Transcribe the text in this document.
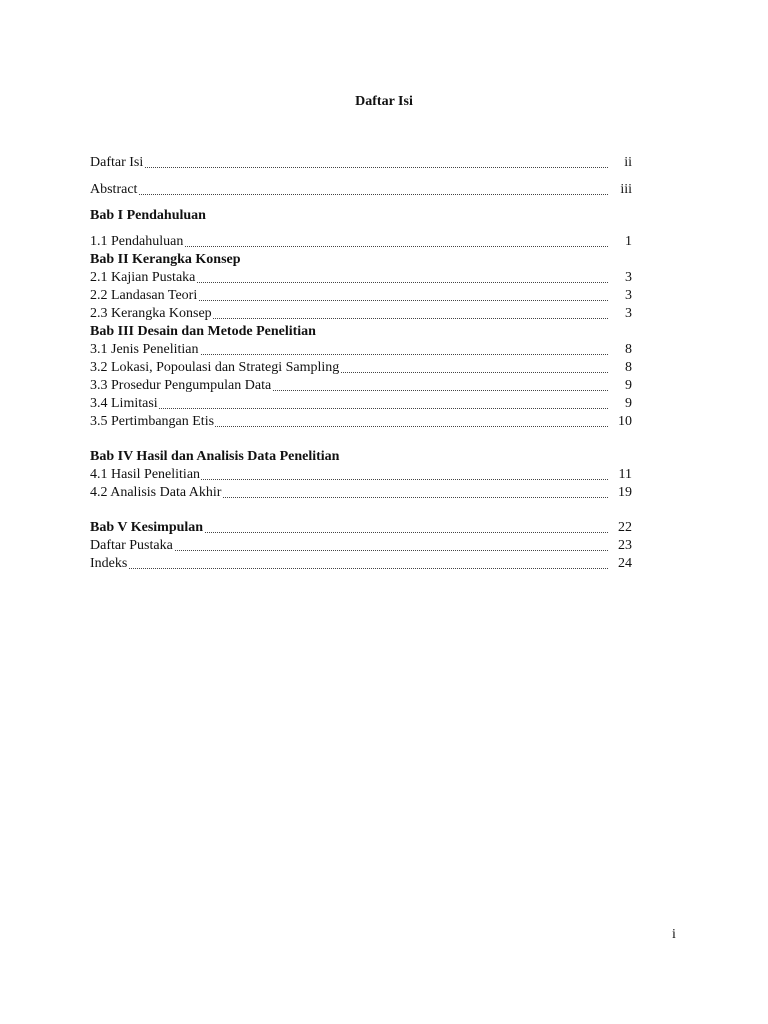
Daftar Isi
Daftar Isi	ii
Abstract	iii
Bab I Pendahuluan
1.1 Pendahuluan	1
Bab II Kerangka Konsep
2.1 Kajian Pustaka	3
2.2 Landasan Teori	3
2.3 Kerangka Konsep	3
Bab III Desain dan Metode Penelitian
3.1 Jenis Penelitian	8
3.2 Lokasi, Popoulasi dan Strategi Sampling	8
3.3 Prosedur Pengumpulan Data	9
3.4 Limitasi	9
3.5 Pertimbangan Etis	10
Bab IV Hasil dan Analisis Data Penelitian
4.1 Hasil Penelitian	11
4.2 Analisis Data Akhir	19
Bab V Kesimpulan	22
Daftar Pustaka	23
Indeks	24
i
